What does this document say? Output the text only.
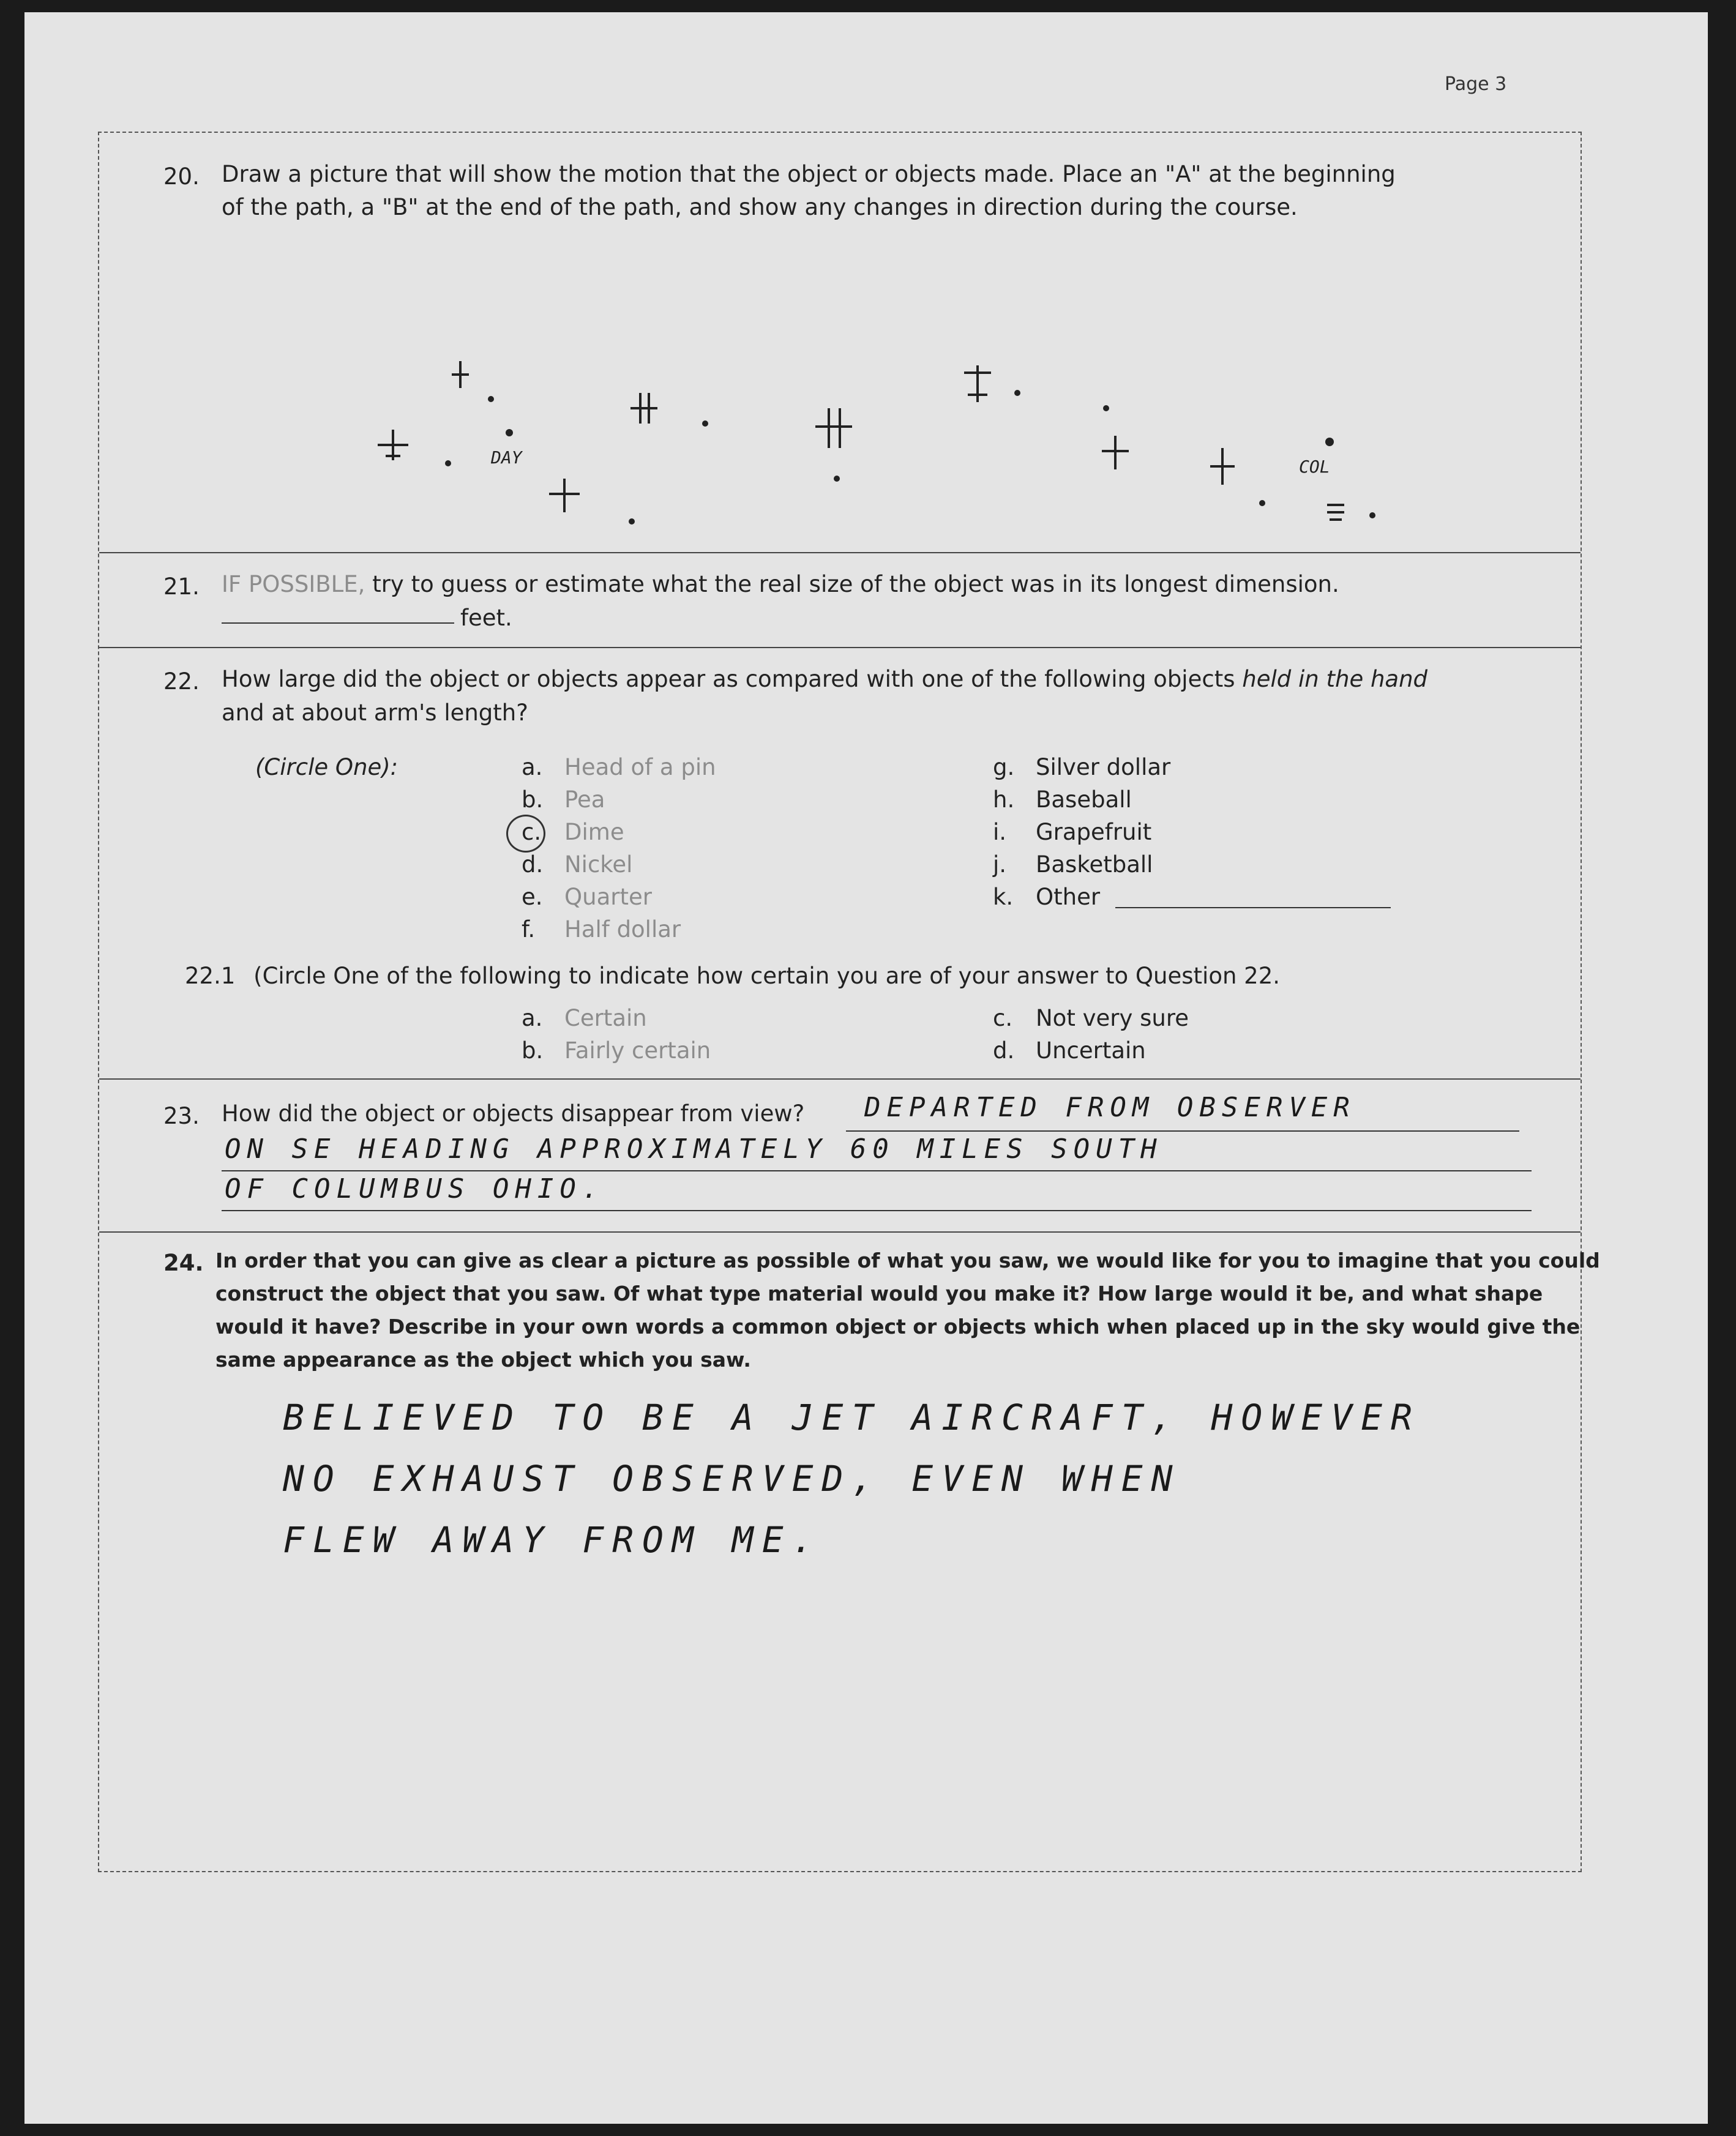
Page 3
20. Draw a picture that will show the motion that the object or objects made. Place an "A" at the beginning
of the path, a "B" at the end of the path, and show any changes in direction during the course.
DAY	COL
21. IF POSSIBLE, try to guess or estimate what the real size of the object was in its longest dimension.
feet.
22. How large did the object or objects appear as compared with one of the following objects held in the hand
and at about arm's length?
(Circle One):	a. Head of a pin
b. Pea
c. Dime
d. Nickel
e. Quarter
f. Half dollar
g. Silver dollar
h. Baseball
i. Grapefruit
j. Basketball
k. Other
22.1 (Circle One of the following to indicate how certain you are of your answer to Question 22.
a. Certain
b. Fairly certain
c. Not very sure
d. Uncertain
23. How did the object or objects disappear from view? DEPARTED FROM OBSERVER
ON SE HEADING APPROXIMATELY 60 MILES SOUTH
OF COLUMBUS OHIO.
24. In order that you can give as clear a picture as possible of what you saw, we would like for you to imagine that you could
construct the object that you saw. Of what type material would you make it? How large would it be, and what shape
would it have? Describe in your own words a common object or objects which when placed up in the sky would give the
same appearance as the object which you saw.
BELIEVED TO BE A JET AIRCRAFT, HOWEVER
NO EXHAUST OBSERVED, EVEN WHEN
FLEW AWAY FROM ME.
